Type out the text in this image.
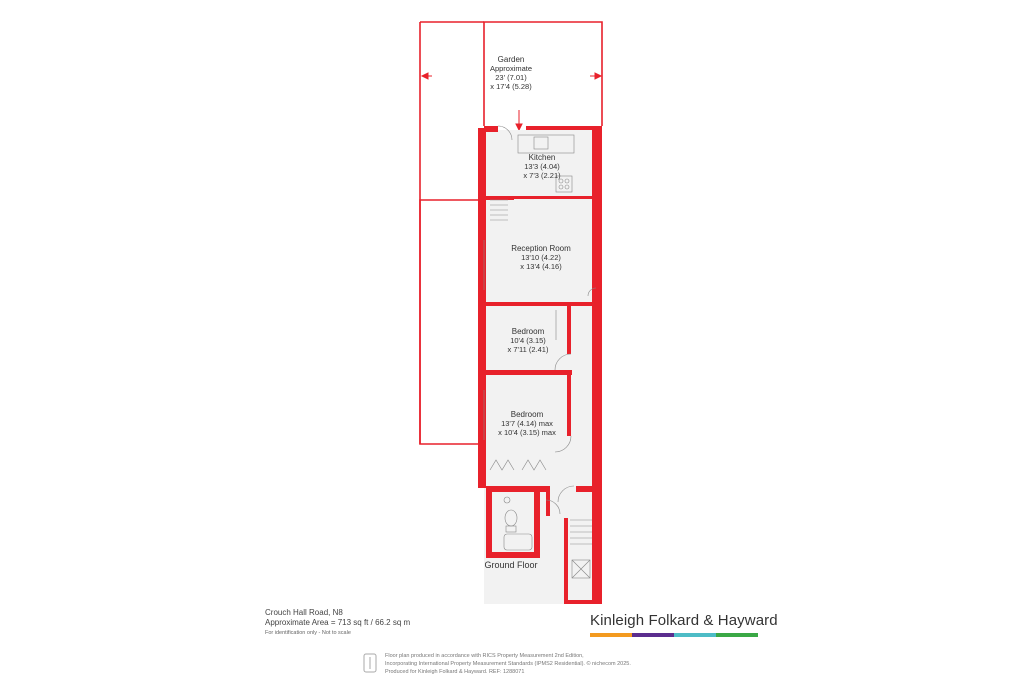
Garden
Approximate
23' (7.01)
x 17'4 (5.28)
Kitchen
13'3 (4.04)
x 7'3 (2.21)
Reception Room
13'10 (4.22)
x 13'4 (4.16)
Bedroom
10'4 (3.15)
x 7'11 (2.41)
Bedroom
13'7 (4.14) max
x 10'4 (3.15) max
Ground Floor
Crouch Hall Road, N8
Approximate Area = 713 sq ft / 66.2 sq m
For identification only - Not to scale
Kinleigh Folkard & Hayward
Floor plan produced in accordance with RICS Property Measurement 2nd Edition,
Incorporating International Property Measurement Standards (IPMS2 Residential). © nichecom 2025.
Produced for Kinleigh Folkard & Hayward. REF: 1288071
